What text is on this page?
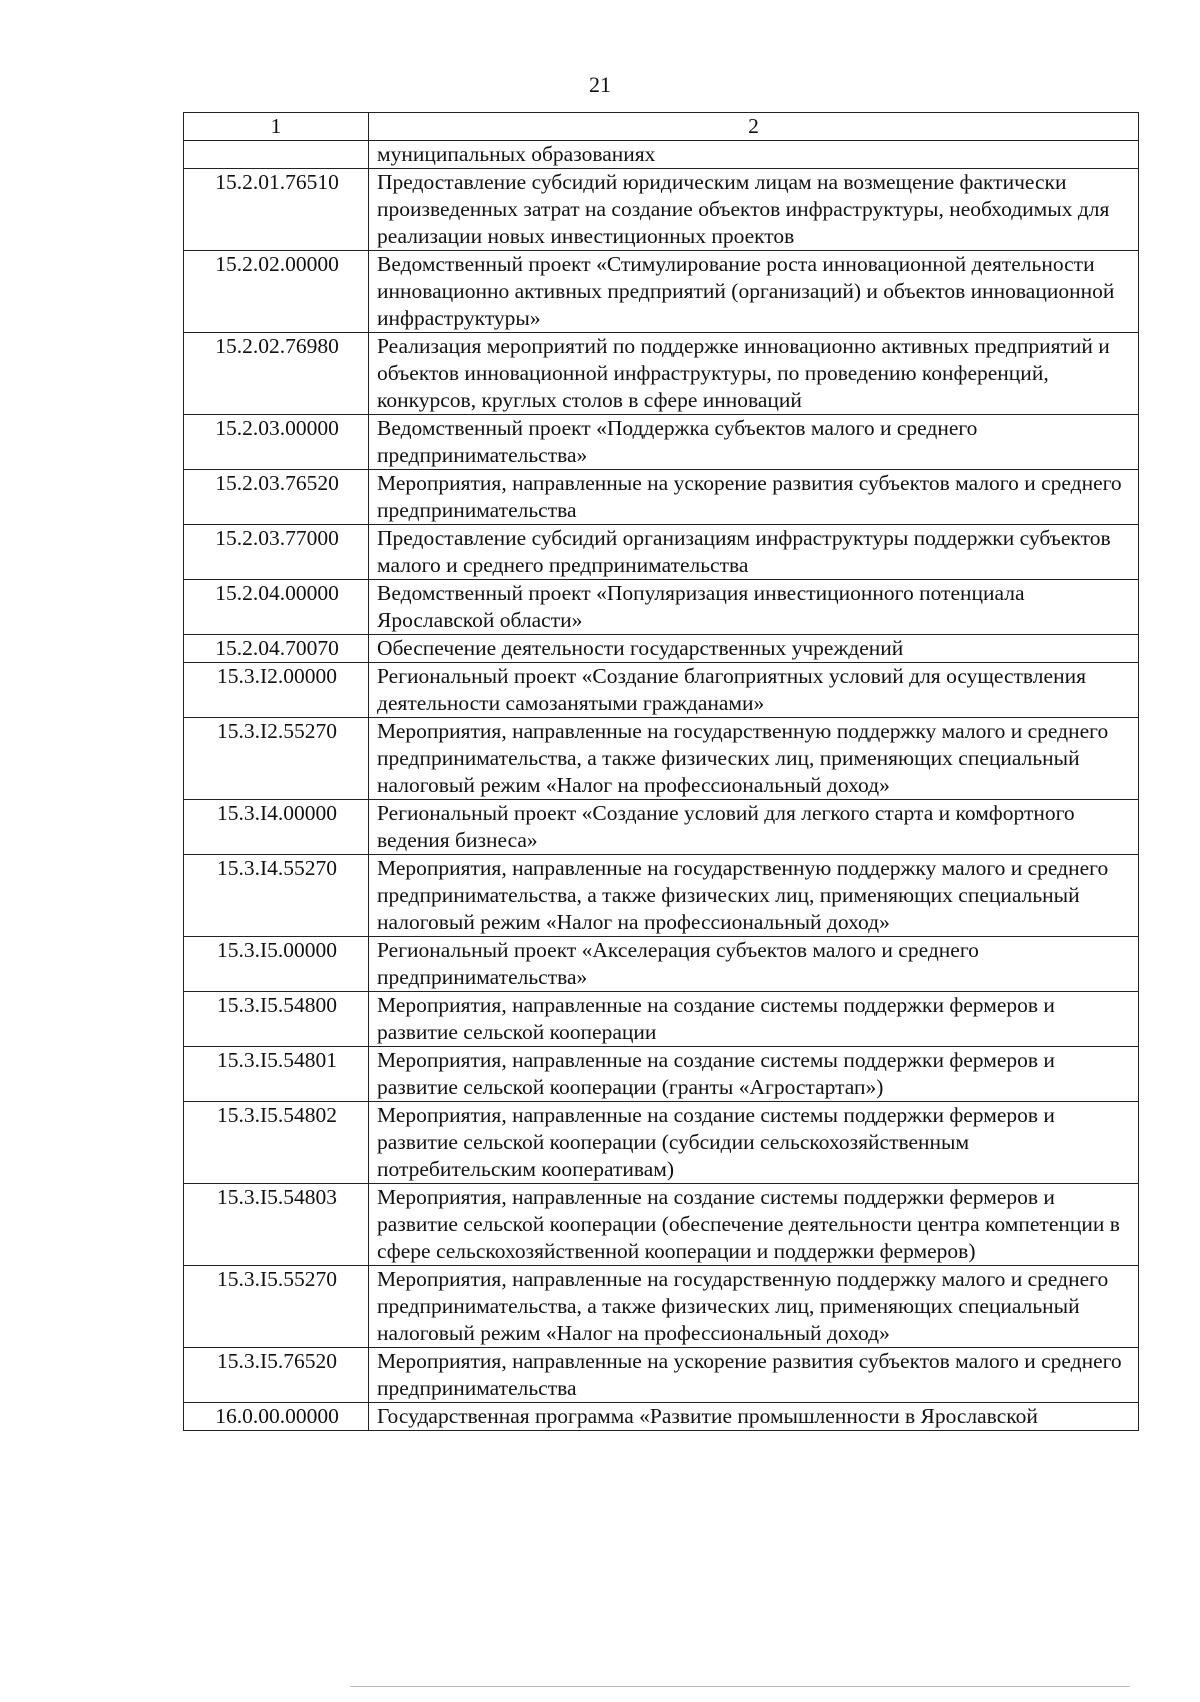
21
1	2
	муниципальных образованиях
15.2.01.76510	Предоставление субсидий юридическим лицам на возмещение фактически произведенных затрат на создание объектов инфраструктуры, необходимых для реализации новых инвестиционных проектов
15.2.02.00000	Ведомственный проект «Стимулирование роста инновационной деятельности инновационно активных предприятий (организаций) и объектов инновационной инфраструктуры»
15.2.02.76980	Реализация мероприятий по поддержке инновационно активных предприятий и объектов инновационной инфраструктуры, по проведению конференций, конкурсов, круглых столов в сфере инноваций
15.2.03.00000	Ведомственный проект «Поддержка субъектов малого и среднего предпринимательства»
15.2.03.76520	Мероприятия, направленные на ускорение развития субъектов малого и среднего предпринимательства
15.2.03.77000	Предоставление субсидий организациям инфраструктуры поддержки субъектов малого и среднего предпринимательства
15.2.04.00000	Ведомственный проект «Популяризация инвестиционного потенциала Ярославской области»
15.2.04.70070	Обеспечение деятельности государственных учреждений
15.3.I2.00000	Региональный проект «Создание благоприятных условий для осуществления деятельности самозанятыми гражданами»
15.3.I2.55270	Мероприятия, направленные на государственную поддержку малого и среднего предпринимательства, а также физических лиц, применяющих специальный налоговый режим «Налог на профессиональный доход»
15.3.I4.00000	Региональный проект «Создание условий для легкого старта и комфортного ведения бизнеса»
15.3.I4.55270	Мероприятия, направленные на государственную поддержку малого и среднего предпринимательства, а также физических лиц, применяющих специальный налоговый режим «Налог на профессиональный доход»
15.3.I5.00000	Региональный проект «Акселерация субъектов малого и среднего предпринимательства»
15.3.I5.54800	Мероприятия, направленные на создание системы поддержки фермеров и развитие сельской кооперации
15.3.I5.54801	Мероприятия, направленные на создание системы поддержки фермеров и развитие сельской кооперации (гранты «Агростартап»)
15.3.I5.54802	Мероприятия, направленные на создание системы поддержки фермеров и развитие сельской кооперации (субсидии сельскохозяйственным потребительским кооперативам)
15.3.I5.54803	Мероприятия, направленные на создание системы поддержки фермеров и развитие сельской кооперации (обеспечение деятельности центра компетенции в сфере сельскохозяйственной кооперации и поддержки фермеров)
15.3.I5.55270	Мероприятия, направленные на государственную поддержку малого и среднего предпринимательства, а также физических лиц, применяющих специальный налоговый режим «Налог на профессиональный доход»
15.3.I5.76520	Мероприятия, направленные на ускорение развития субъектов малого и среднего предпринимательства
16.0.00.00000	Государственная программа «Развитие промышленности в Ярославской
